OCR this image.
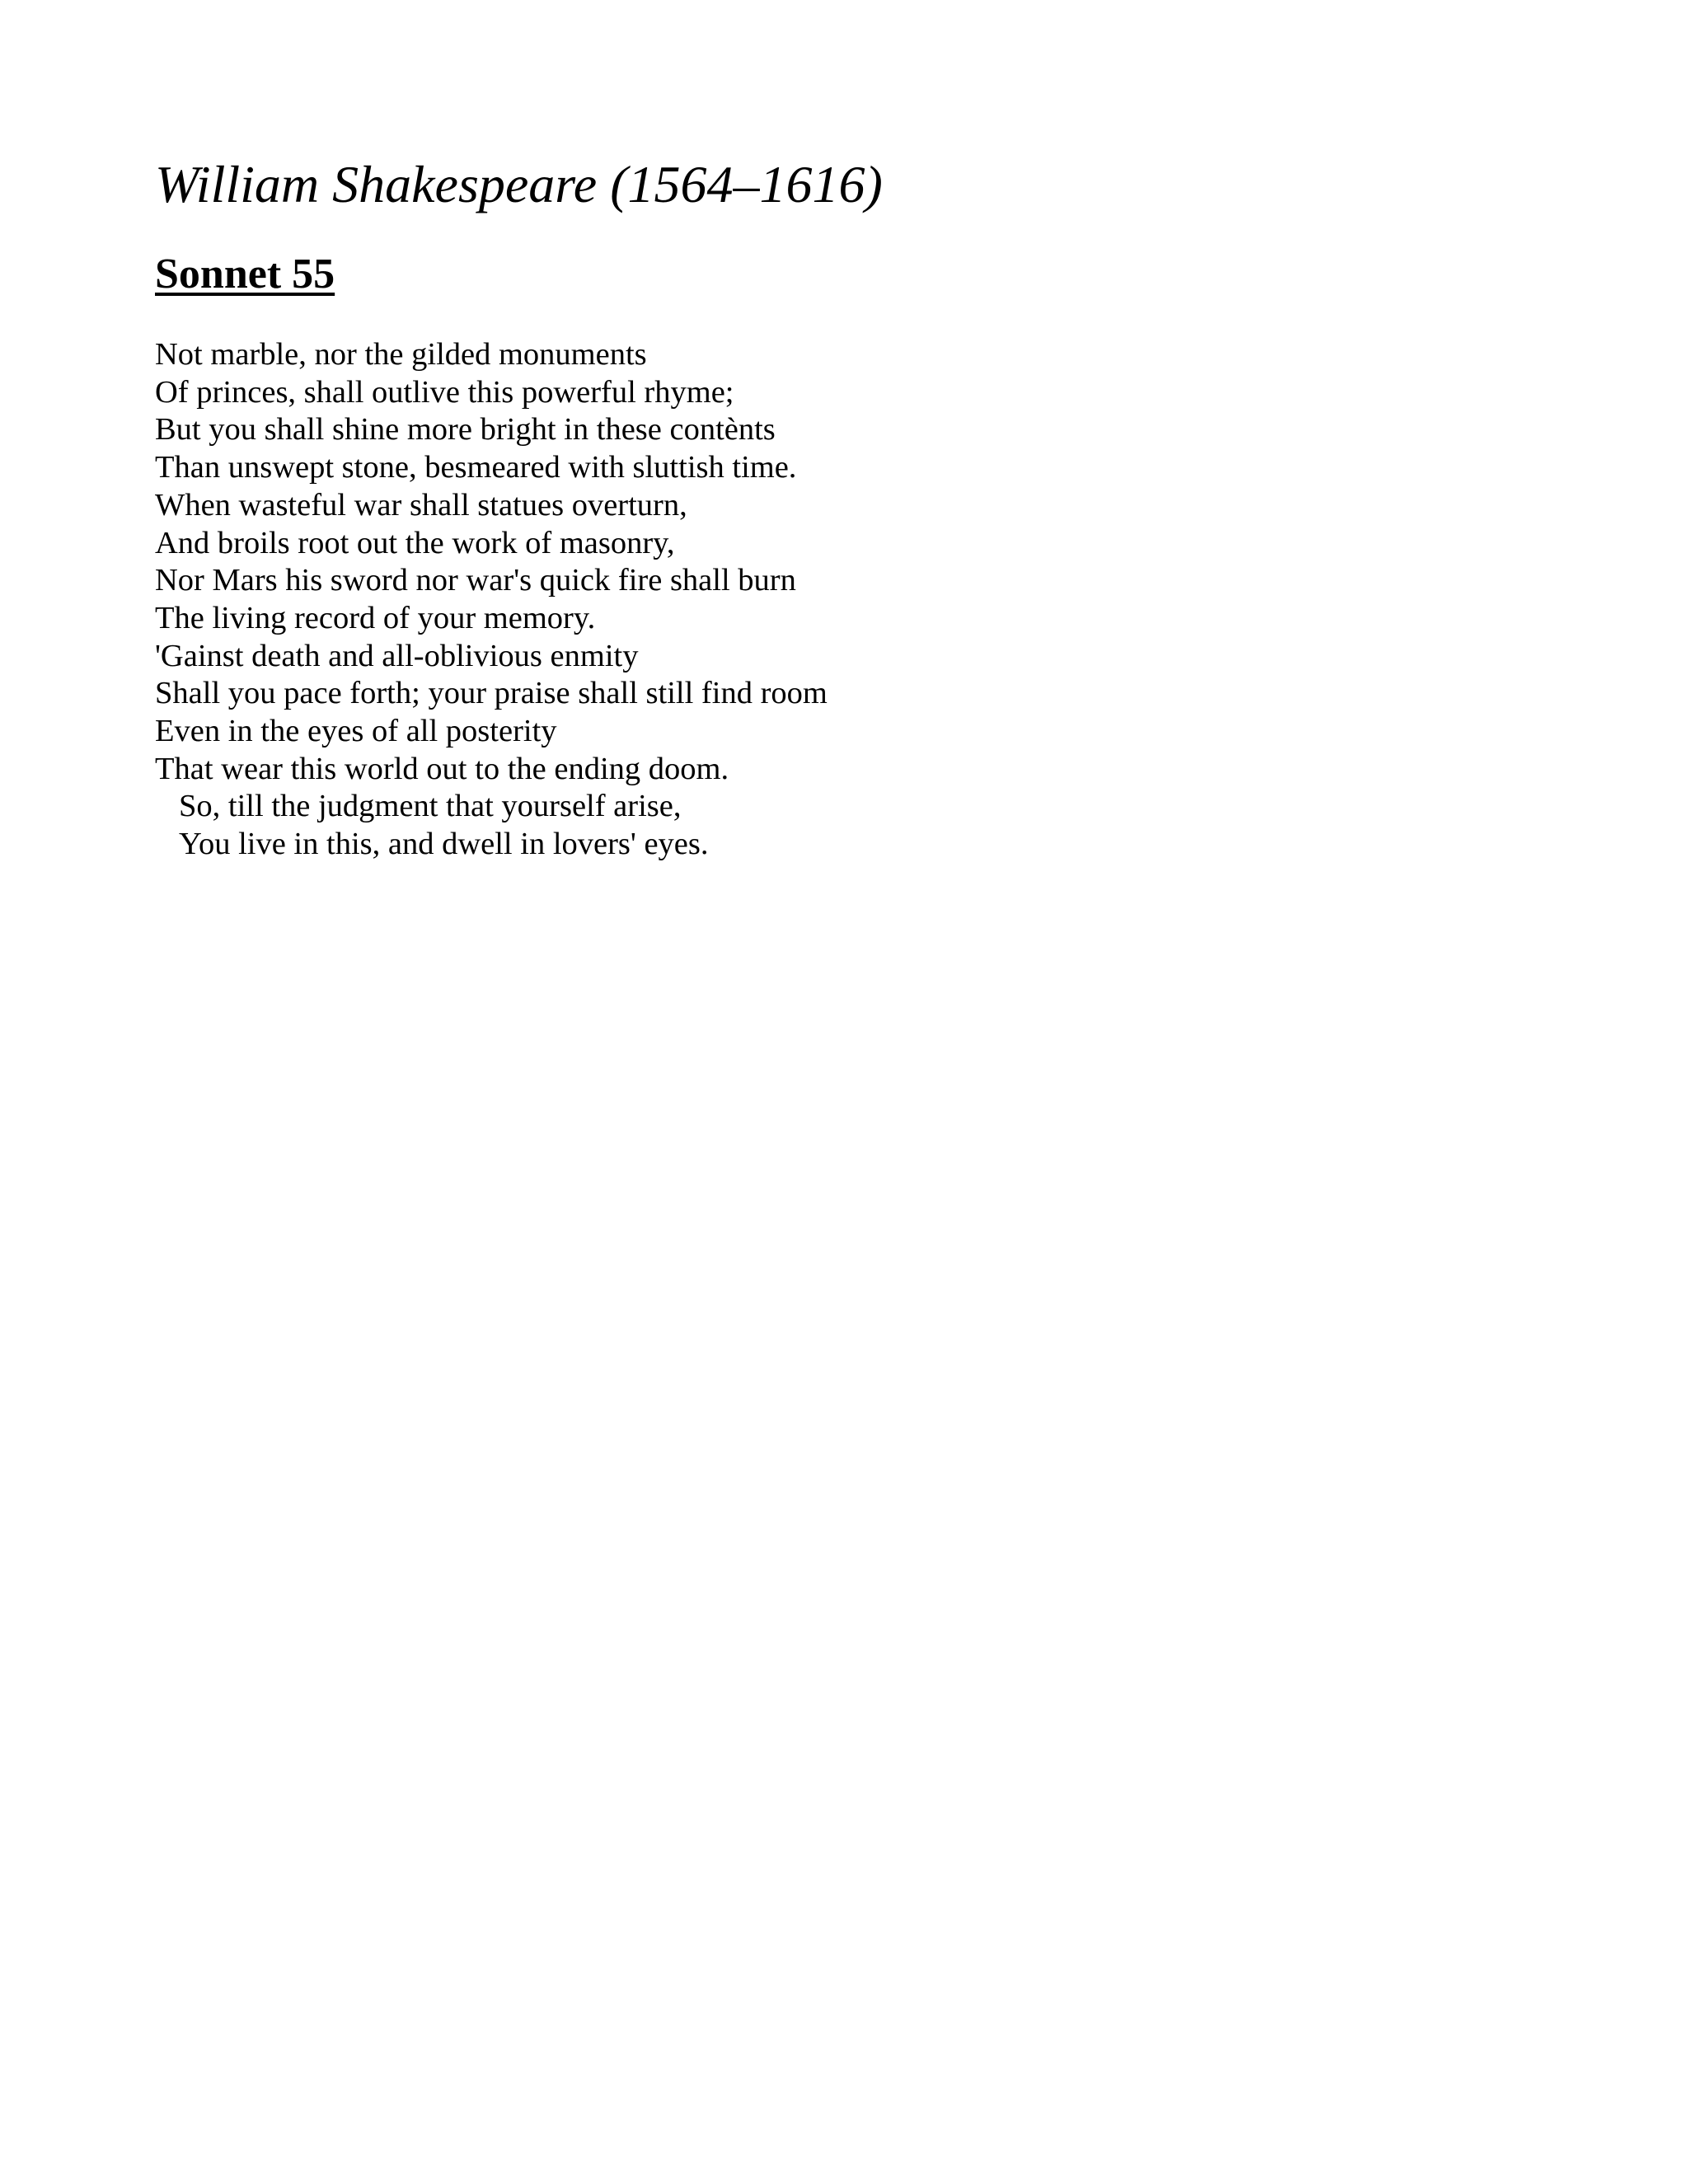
William Shakespeare (1564–1616)
Sonnet 55
Not marble, nor the gilded monuments
Of princes, shall outlive this powerful rhyme;
But you shall shine more bright in these contènts
Than unswept stone, besmeared with sluttish time.
When wasteful war shall statues overturn,
And broils root out the work of masonry,
Nor Mars his sword nor war's quick fire shall burn
The living record of your memory.
'Gainst death and all-oblivious enmity
Shall you pace forth; your praise shall still find room
Even in the eyes of all posterity
That wear this world out to the ending doom.
So, till the judgment that yourself arise,
You live in this, and dwell in lovers' eyes.
